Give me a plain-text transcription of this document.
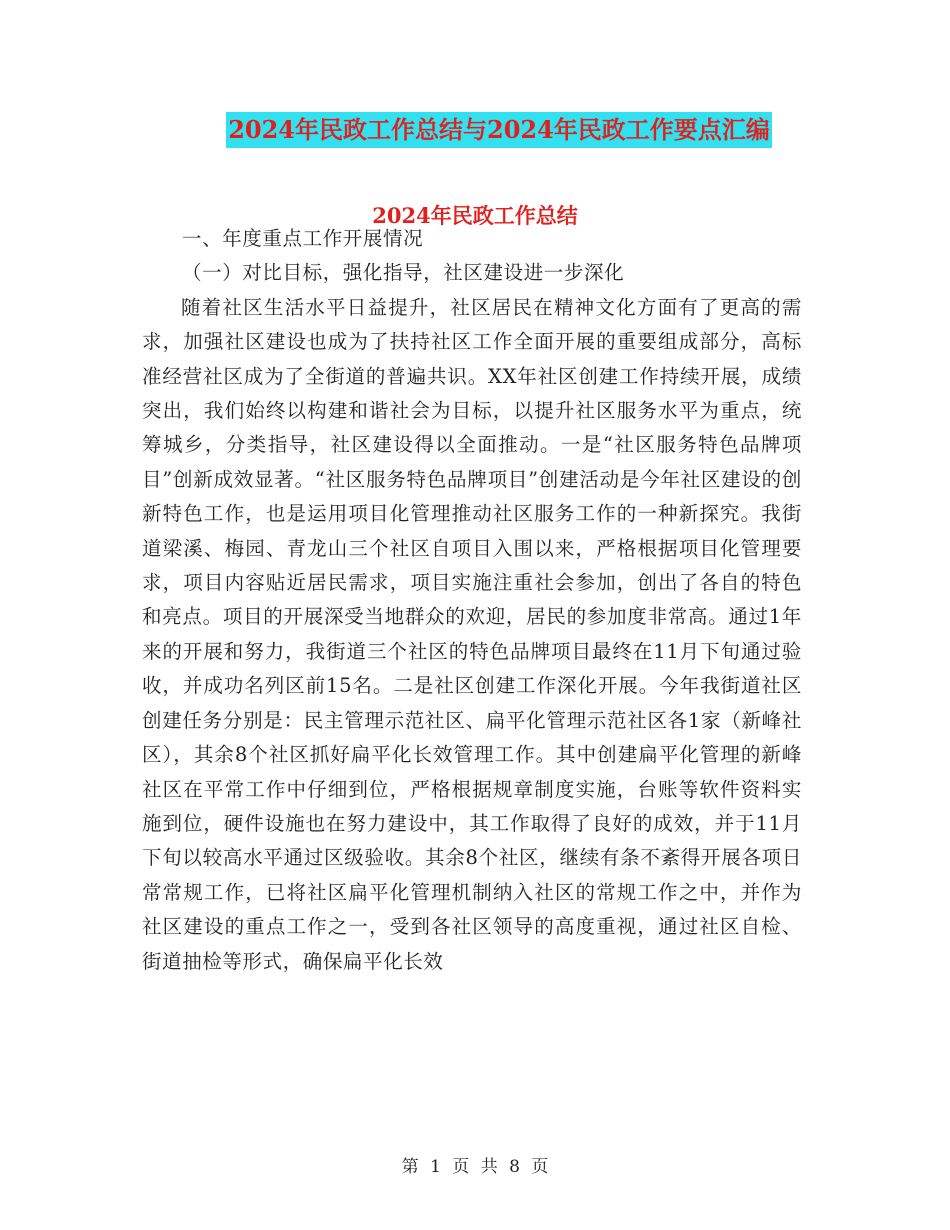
2024年民政工作总结与2024年民政工作要点汇编
2024年民政工作总结
一、年度重点工作开展情况
（一）对比目标，强化指导，社区建设进一步深化

随着社区生活水平日益提升，社区居民在精神文化方面有了更高的需求，加强社区建设也成为了扶持社区工作全面开展的重要组成部分，高标准经营社区成为了全街道的普遍共识。XX年社区创建工作持续开展，成绩突出，我们始终以构建和谐社会为目标，以提升社区服务水平为重点，统筹城乡，分类指导，社区建设得以全面推动。一是“社区服务特色品牌项目”创新成效显著。“社区服务特色品牌项目”创建活动是今年社区建设的创新特色工作，也是运用项目化管理推动社区服务工作的一种新探究。我街道梁溪、梅园、青龙山三个社区自项目入围以来，严格根据项目化管理要求，项目内容贴近居民需求，项目实施注重社会参加，创出了各自的特色和亮点。项目的开展深受当地群众的欢迎，居民的参加度非常高。通过1年来的开展和努力，我街道三个社区的特色品牌项目最终在11月下旬通过验收，并成功名列区前15名。二是社区创建工作深化开展。今年我街道社区创建任务分别是：民主管理示范社区、扁平化管理示范社区各1家（新峰社区），其余8个社区抓好扁平化长效管理工作。其中创建扁平化管理的新峰社区在平常工作中仔细到位，严格根据规章制度实施，台账等软件资料实施到位，硬件设施也在努力建设中，其工作取得了良好的成效，并于11月下旬以较高水平通过区级验收。其余8个社区，继续有条不紊得开展各项日常常规工作，已将社区扁平化管理机制纳入社区的常规工作之中，并作为社区建设的重点工作之一，受到各社区领导的高度重视，通过社区自检、街道抽检等形式，确保扁平化长效

第 1 页 共 8 页
